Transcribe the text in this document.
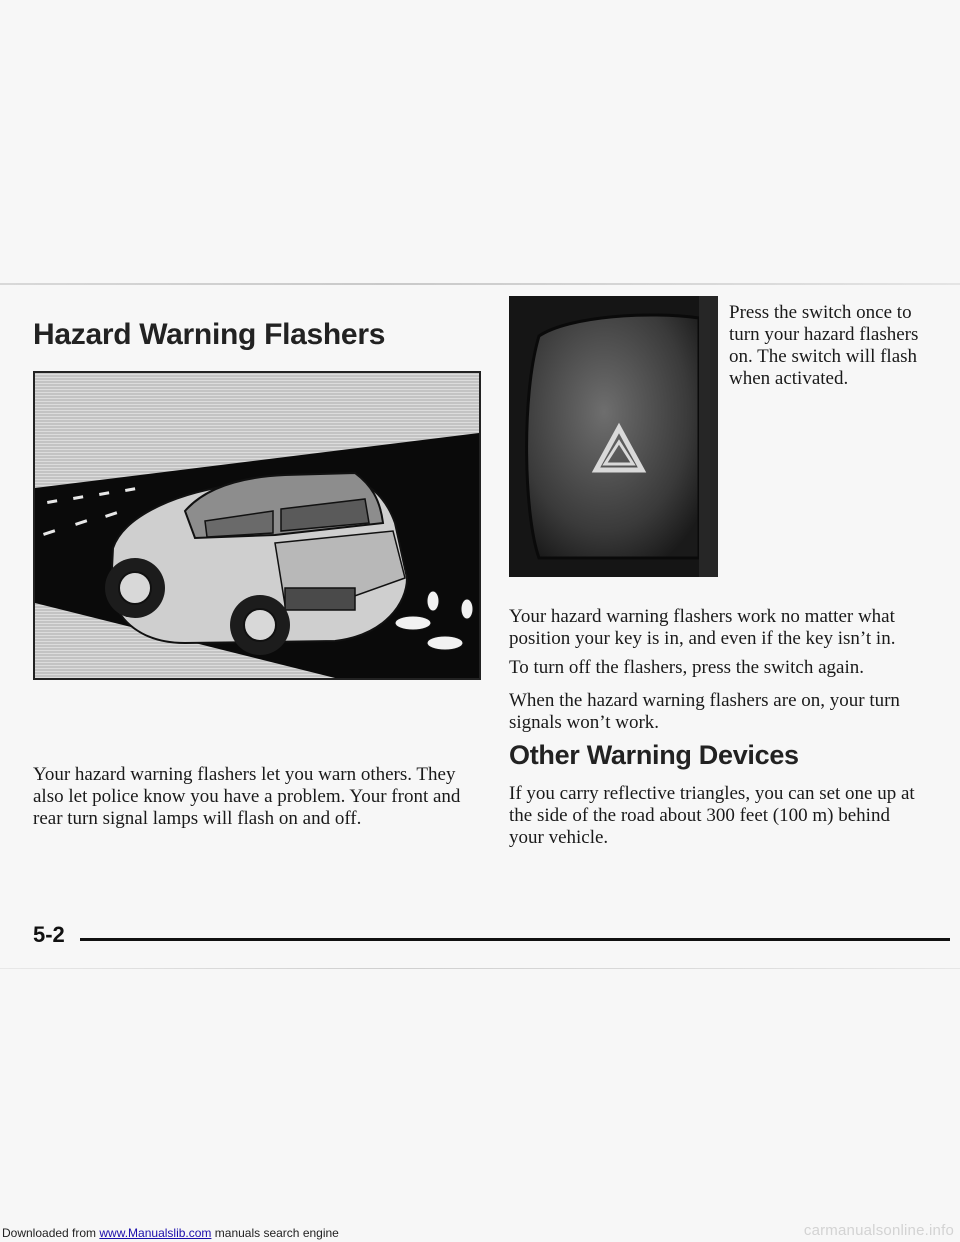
Hazard Warning Flashers

Your hazard warning flashers let you warn others. They also let police know you have a problem. Your front and rear turn signal lamps will flash on and off.

Press the switch once to turn your hazard flashers on. The switch will flash when activated.

Your hazard warning flashers work no matter what position your key is in, and even if the key isn’t in.

To turn off the flashers, press the switch again.

When the hazard warning flashers are on, your turn signals won’t work.

Other Warning Devices

If you carry reflective triangles, you can set one up at the side of the road about 300 feet (100 m) behind your vehicle.

5-2

Downloaded from www.Manualslib.com manuals search engine	carmanualsonline.info
